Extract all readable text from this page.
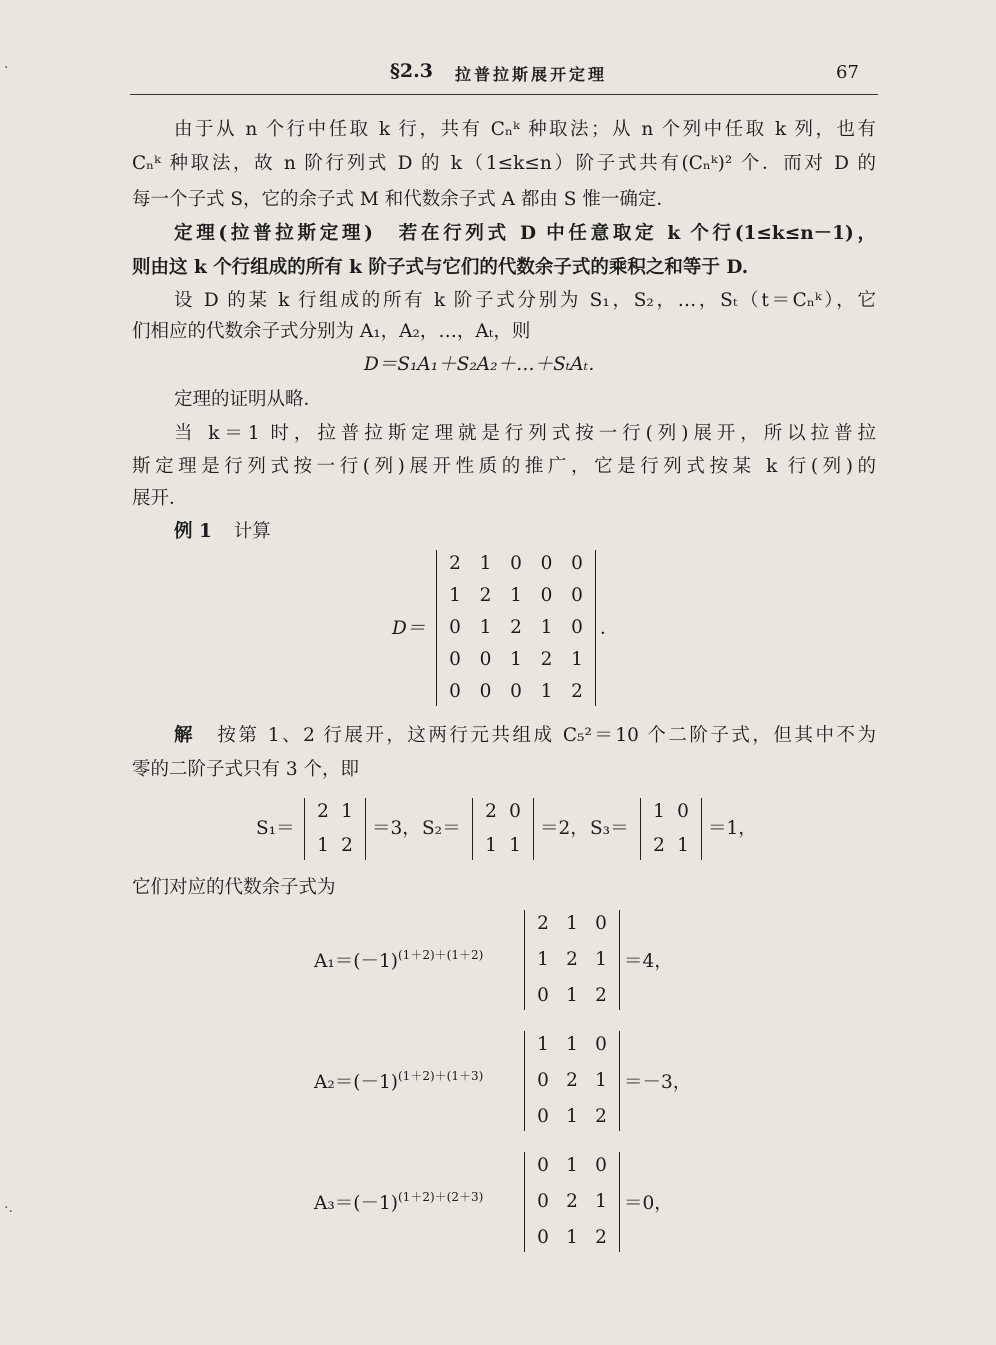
·
·.
§2.3 拉普拉斯展开定理	67
由于从 n 个行中任取 k 行，共有 Cₙᵏ 种取法；从 n 个列中任取 k 列，也有
Cₙᵏ 种取法，故 n 阶行列式 D 的 k（1≤k≤n）阶子式共有(Cₙᵏ)² 个．而对 D 的
每一个子式 S，它的余子式 M 和代数余子式 A 都由 S 惟一确定．
定理(拉普拉斯定理)　若在行列式 D 中任意取定 k 个行(1≤k≤n－1)，
则由这 k 个行组成的所有 k 阶子式与它们的代数余子式的乘积之和等于 D.
设 D 的某 k 行组成的所有 k 阶子式分别为 S₁，S₂，…，Sₜ（t＝Cₙᵏ），它
们相应的代数余子式分别为 A₁，A₂，…，Aₜ，则
D＝S₁A₁＋S₂A₂＋…＋SₜAₜ．
定理的证明从略．
当 k＝1 时，拉普拉斯定理就是行列式按一行(列)展开，所以拉普拉
斯定理是行列式按一行(列)展开性质的推广，它是行列式按某 k 行(列)的
展开．
例 1 计算
D＝
2 1 0 0 0
1 2 1 0 0
0 1 2 1 0
0 0 1 2 1
0 0 0 1 2
．
解 按第 1、2 行展开，这两行元共组成 C₅²＝10 个二阶子式，但其中不为
零的二阶子式只有 3 个，即
S₁＝
2 1
1 2
＝3， S₂＝
2 0
1 1
＝2， S₃＝
1 0
2 1
＝1，
它们对应的代数余子式为
A₁＝(－1) (1＋2)＋(1＋2)
2 1 0
1 2 1
0 1 2
＝4，
A₂＝(－1) (1＋2)＋(1＋3)
1 1 0
0 2 1
0 1 2
＝－3，
A₃＝(－1) (1＋2)＋(2＋3)
0 1 0
0 2 1
0 1 2
＝0，
